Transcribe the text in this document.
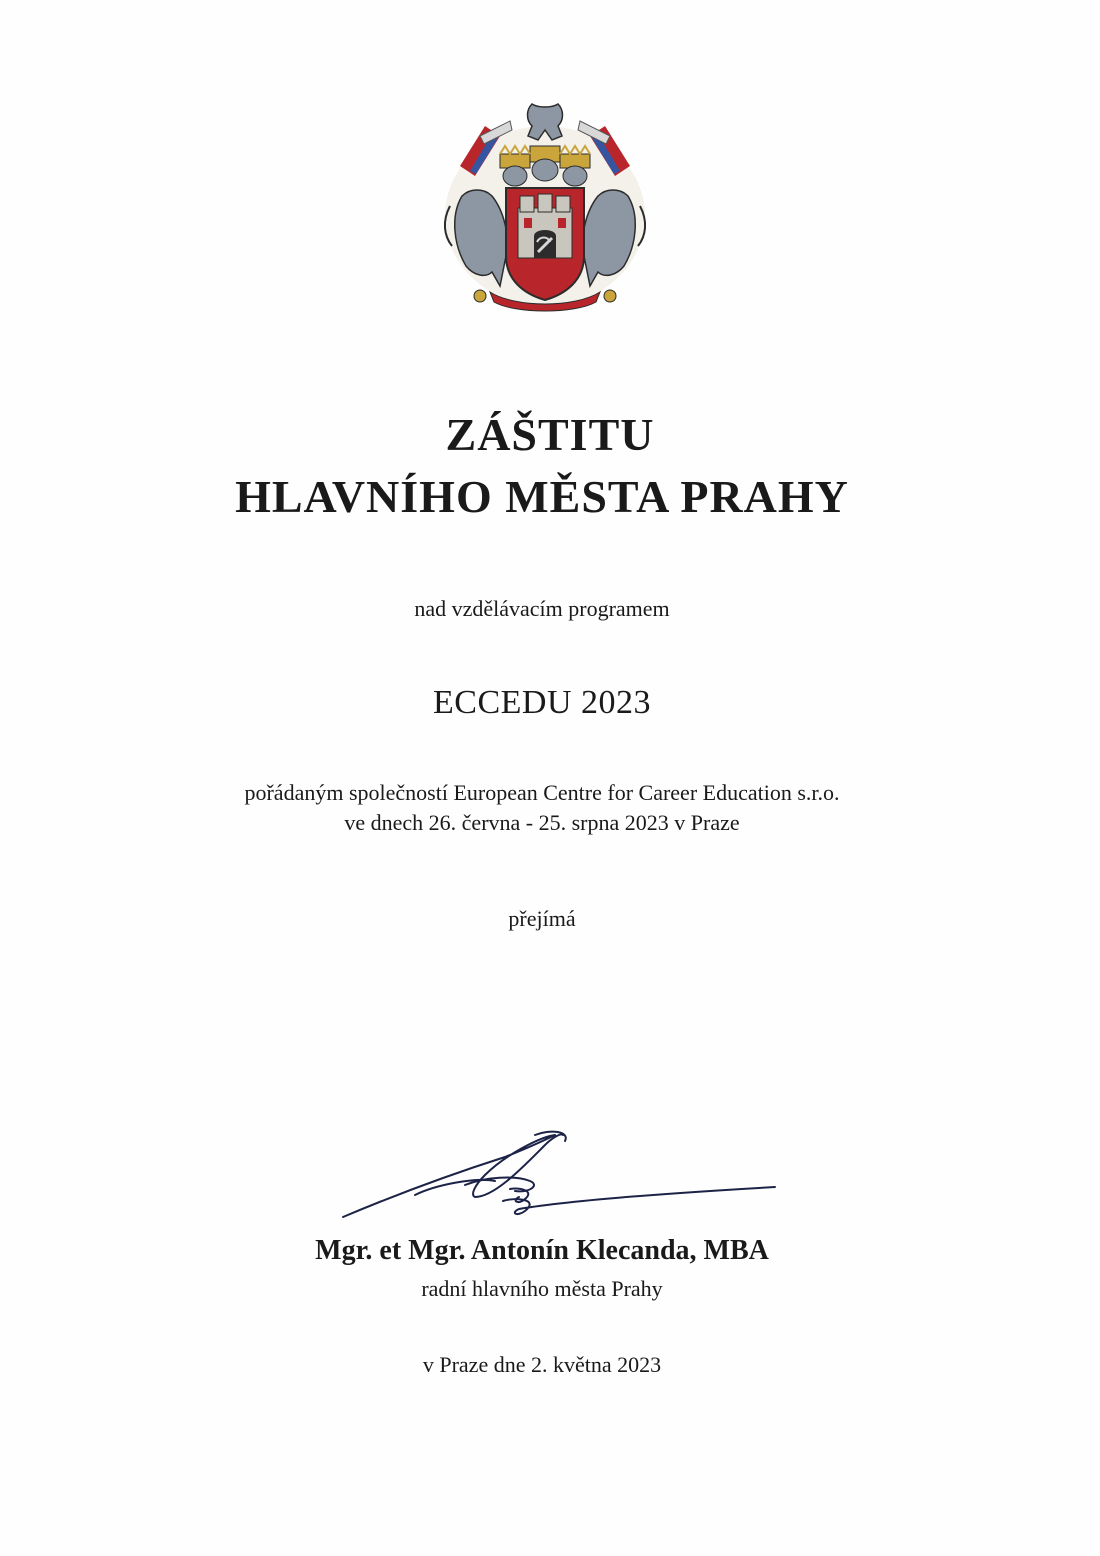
ZÁŠTITU
HLAVNÍHO MĚSTA PRAHY
nad vzdělávacím programem
ECCEDU 2023
pořádaným společností European Centre for Career Education s.r.o.
ve dnech 26. června - 25. srpna 2023 v Praze
přejímá
Mgr. et Mgr. Antonín Klecanda, MBA
radní hlavního města Prahy
v Praze dne 2. května 2023
